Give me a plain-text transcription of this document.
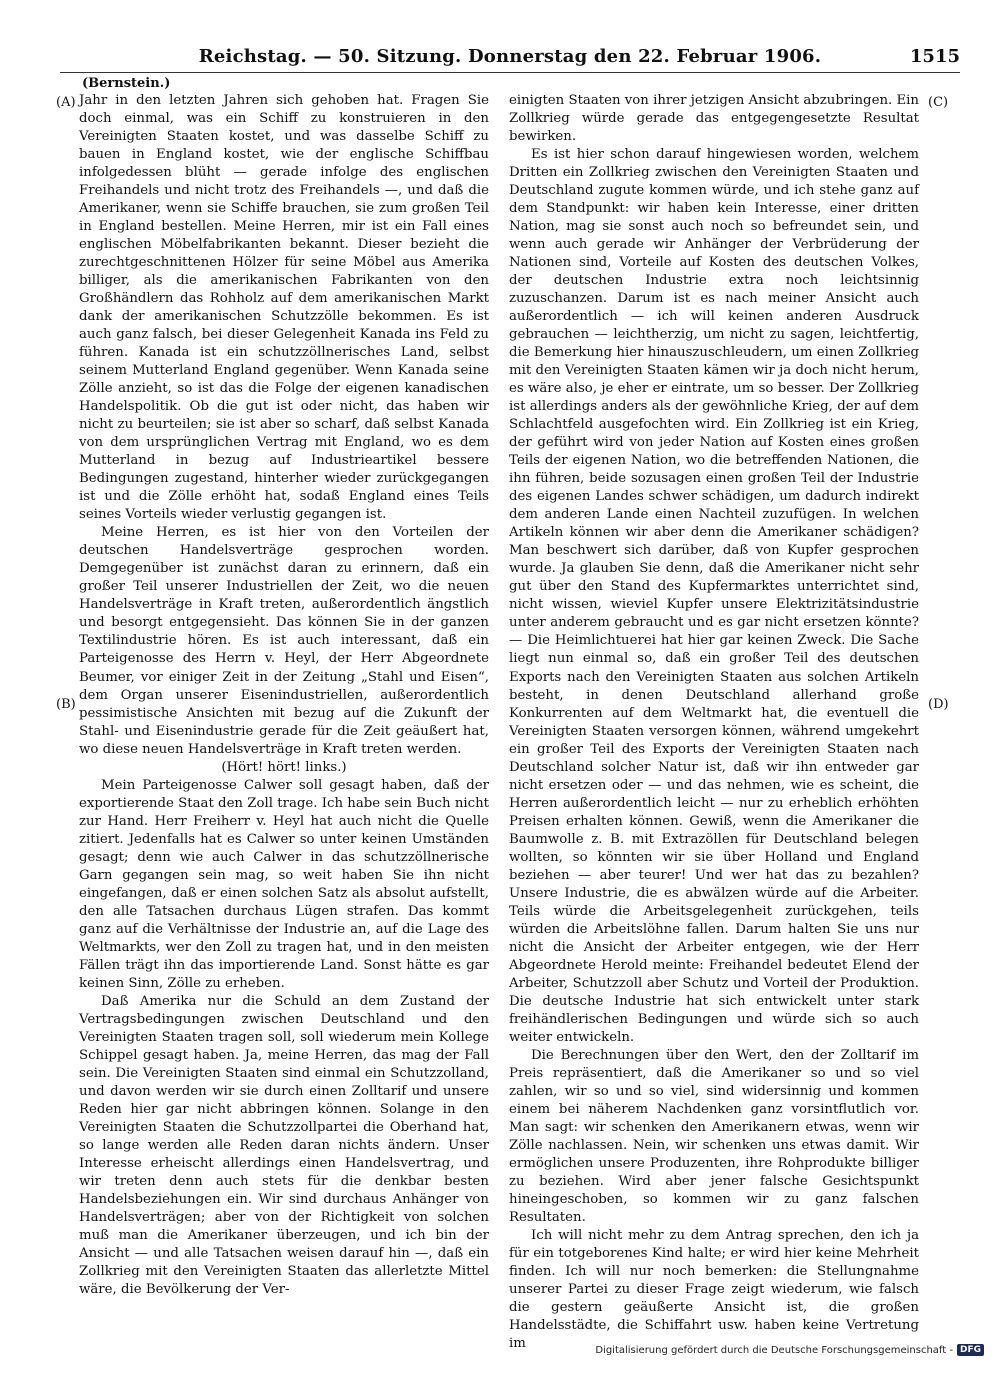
Reichstag. — 50. Sitzung. Donnerstag den 22. Februar 1906.	1515
(Bernstein.)
(A)
(B)
(C)
(D)

Jahr in den letzten Jahren sich gehoben hat. Fragen Sie doch einmal, was ein Schiff zu konstruieren in den Vereinigten Staaten kostet, und was dasselbe Schiff zu bauen in England kostet, wie der englische Schiffbau infolgedessen blüht — gerade infolge des englischen Freihandels und nicht trotz des Freihandels —, und daß die Amerikaner, wenn sie Schiffe brauchen, sie zum großen Teil in England bestellen. Meine Herren, mir ist ein Fall eines englischen Möbelfabrikanten bekannt. Dieser bezieht die zurechtgeschnittenen Hölzer für seine Möbel aus Amerika billiger, als die amerikanischen Fabrikanten von den Großhändlern das Rohholz auf dem amerikanischen Markt dank der amerikanischen Schutzzölle bekommen. Es ist auch ganz falsch, bei dieser Gelegenheit Kanada ins Feld zu führen. Kanada ist ein schutzzöllnerisches Land, selbst seinem Mutterland England gegenüber. Wenn Kanada seine Zölle anzieht, so ist das die Folge der eigenen kanadischen Handelspolitik. Ob die gut ist oder nicht, das haben wir nicht zu beurteilen; sie ist aber so scharf, daß selbst Kanada von dem ursprünglichen Vertrag mit England, wo es dem Mutterland in bezug auf Industrieartikel bessere Bedingungen zugestand, hinterher wieder zurückgegangen ist und die Zölle erhöht hat, sodaß England eines Teils seines Vorteils wieder verlustig gegangen ist.

Meine Herren, es ist hier von den Vorteilen der deutschen Handelsverträge gesprochen worden. Demgegenüber ist zunächst daran zu erinnern, daß ein großer Teil unserer Industriellen der Zeit, wo die neuen Handelsverträge in Kraft treten, außerordentlich ängstlich und besorgt entgegensieht. Das können Sie in der ganzen Textilindustrie hören. Es ist auch interessant, daß ein Parteigenosse des Herrn v. Heyl, der Herr Abgeordnete Beumer, vor einiger Zeit in der Zeitung „Stahl und Eisen“, dem Organ unserer Eisenindustriellen, außerordentlich pessimistische Ansichten mit bezug auf die Zukunft der Stahl- und Eisenindustrie gerade für die Zeit geäußert hat, wo diese neuen Handelsverträge in Kraft treten werden.

(Hört! hört! links.)

Mein Parteigenosse Calwer soll gesagt haben, daß der exportierende Staat den Zoll trage. Ich habe sein Buch nicht zur Hand. Herr Freiherr v. Heyl hat auch nicht die Quelle zitiert. Jedenfalls hat es Calwer so unter keinen Umständen gesagt; denn wie auch Calwer in das schutzzöllnerische Garn gegangen sein mag, so weit haben Sie ihn nicht eingefangen, daß er einen solchen Satz als absolut aufstellt, den alle Tatsachen durchaus Lügen strafen. Das kommt ganz auf die Verhältnisse der Industrie an, auf die Lage des Weltmarkts, wer den Zoll zu tragen hat, und in den meisten Fällen trägt ihn das importierende Land. Sonst hätte es gar keinen Sinn, Zölle zu erheben.

Daß Amerika nur die Schuld an dem Zustand der Vertragsbedingungen zwischen Deutschland und den Vereinigten Staaten tragen soll, soll wiederum mein Kollege Schippel gesagt haben. Ja, meine Herren, das mag der Fall sein. Die Vereinigten Staaten sind einmal ein Schutzzolland, und davon werden wir sie durch einen Zolltarif und unsere Reden hier gar nicht abbringen können. Solange in den Vereinigten Staaten die Schutzzollpartei die Oberhand hat, so lange werden alle Reden daran nichts ändern. Unser Interesse erheischt allerdings einen Handelsvertrag, und wir treten denn auch stets für die denkbar besten Handelsbeziehungen ein. Wir sind durchaus Anhänger von Handelsverträgen; aber von der Richtigkeit von solchen muß man die Amerikaner überzeugen, und ich bin der Ansicht — und alle Tatsachen weisen darauf hin —, daß ein Zollkrieg mit den Vereinigten Staaten das allerletzte Mittel wäre, die Bevölkerung der Ver-

einigten Staaten von ihrer jetzigen Ansicht abzubringen. Ein Zollkrieg würde gerade das entgegengesetzte Resultat bewirken.

Es ist hier schon darauf hingewiesen worden, welchem Dritten ein Zollkrieg zwischen den Vereinigten Staaten und Deutschland zugute kommen würde, und ich stehe ganz auf dem Standpunkt: wir haben kein Interesse, einer dritten Nation, mag sie sonst auch noch so befreundet sein, und wenn auch gerade wir Anhänger der Verbrüderung der Nationen sind, Vorteile auf Kosten des deutschen Volkes, der deutschen Industrie extra noch leichtsinnig zuzuschanzen. Darum ist es nach meiner Ansicht auch außerordentlich — ich will keinen anderen Ausdruck gebrauchen — leichtherzig, um nicht zu sagen, leichtfertig, die Bemerkung hier hinauszuschleudern, um einen Zollkrieg mit den Vereinigten Staaten kämen wir ja doch nicht herum, es wäre also, je eher er eintrate, um so besser. Der Zollkrieg ist allerdings anders als der gewöhnliche Krieg, der auf dem Schlachtfeld ausgefochten wird. Ein Zollkrieg ist ein Krieg, der geführt wird von jeder Nation auf Kosten eines großen Teils der eigenen Nation, wo die betreffenden Nationen, die ihn führen, beide sozusagen einen großen Teil der Industrie des eigenen Landes schwer schädigen, um dadurch indirekt dem anderen Lande einen Nachteil zuzufügen. In welchen Artikeln können wir aber denn die Amerikaner schädigen? Man beschwert sich darüber, daß von Kupfer gesprochen wurde. Ja glauben Sie denn, daß die Amerikaner nicht sehr gut über den Stand des Kupfermarktes unterrichtet sind, nicht wissen, wieviel Kupfer unsere Elektrizitätsindustrie unter anderem gebraucht und es gar nicht ersetzen könnte? — Die Heimlichtuerei hat hier gar keinen Zweck. Die Sache liegt nun einmal so, daß ein großer Teil des deutschen Exports nach den Vereinigten Staaten aus solchen Artikeln besteht, in denen Deutschland allerhand große Konkurrenten auf dem Weltmarkt hat, die eventuell die Vereinigten Staaten versorgen können, während umgekehrt ein großer Teil des Exports der Vereinigten Staaten nach Deutschland solcher Natur ist, daß wir ihn entweder gar nicht ersetzen oder — und das nehmen, wie es scheint, die Herren außerordentlich leicht — nur zu erheblich erhöhten Preisen erhalten können. Gewiß, wenn die Amerikaner die Baumwolle z. B. mit Extrazöllen für Deutschland belegen wollten, so könnten wir sie über Holland und England beziehen — aber teurer! Und wer hat das zu bezahlen? Unsere Industrie, die es abwälzen würde auf die Arbeiter. Teils würde die Arbeitsgelegenheit zurückgehen, teils würden die Arbeitslöhne fallen. Darum halten Sie uns nur nicht die Ansicht der Arbeiter entgegen, wie der Herr Abgeordnete Herold meinte: Freihandel bedeutet Elend der Arbeiter, Schutzzoll aber Schutz und Vorteil der Produktion. Die deutsche Industrie hat sich entwickelt unter stark freihändlerischen Bedingungen und würde sich so auch weiter entwickeln.

Die Berechnungen über den Wert, den der Zolltarif im Preis repräsentiert, daß die Amerikaner so und so viel zahlen, wir so und so viel, sind widersinnig und kommen einem bei näherem Nachdenken ganz vorsintflutlich vor. Man sagt: wir schenken den Amerikanern etwas, wenn wir Zölle nachlassen. Nein, wir schenken uns etwas damit. Wir ermöglichen unsere Produzenten, ihre Rohprodukte billiger zu beziehen. Wird aber jener falsche Gesichtspunkt hineingeschoben, so kommen wir zu ganz falschen Resultaten.

Ich will nicht mehr zu dem Antrag sprechen, den ich ja für ein totgeborenes Kind halte; er wird hier keine Mehrheit finden. Ich will nur noch bemerken: die Stellungnahme unserer Partei zu dieser Frage zeigt wiederum, wie falsch die gestern geäußerte Ansicht ist, die großen Handelsstädte, die Schiffahrt usw. haben keine Vertretung im	Digitalisierung gefördert durch die Deutsche Forschungsgemeinschaft - DFG
